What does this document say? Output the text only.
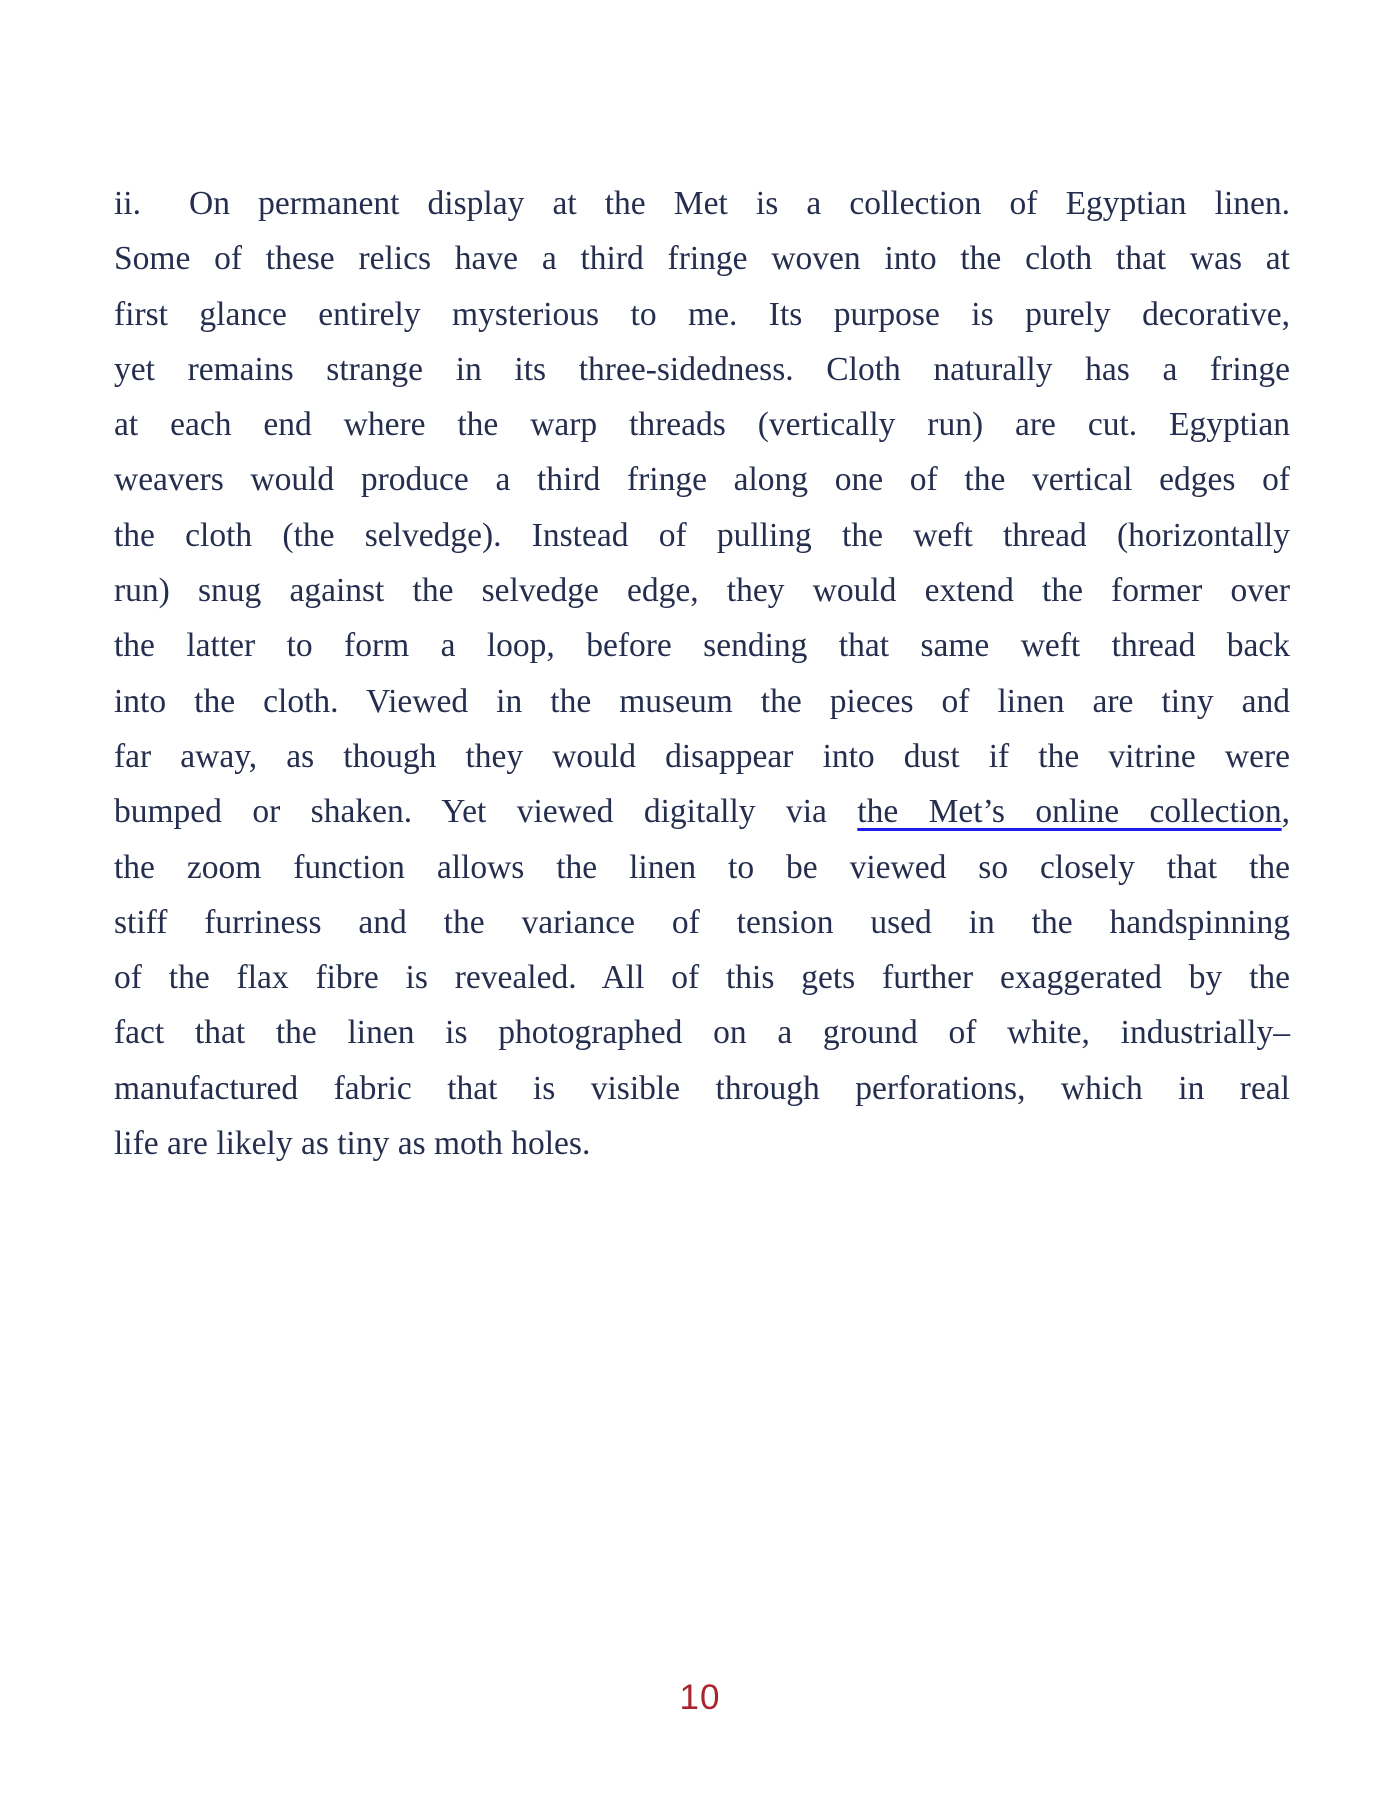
ii. On permanent display at the Met is a collection of Egyptian linen.
Some of these relics have a third fringe woven into the cloth that was at
first glance entirely mysterious to me. Its purpose is purely decorative,
yet remains strange in its three-sidedness. Cloth naturally has a fringe
at each end where the warp threads (vertically run) are cut. Egyptian
weavers would produce a third fringe along one of the vertical edges of
the cloth (the selvedge). Instead of pulling the weft thread (horizontally
run) snug against the selvedge edge, they would extend the former over
the latter to form a loop, before sending that same weft thread back
into the cloth. Viewed in the museum the pieces of linen are tiny and
far away, as though they would disappear into dust if the vitrine were
bumped or shaken. Yet viewed digitally via the Met’s online collection,
the zoom function allows the linen to be viewed so closely that the
stiff furriness and the variance of tension used in the handspinning
of the flax fibre is revealed. All of this gets further exaggerated by the
fact that the linen is photographed on a ground of white, industrially–
manufactured fabric that is visible through perforations, which in real
life are likely as tiny as moth holes.
10
